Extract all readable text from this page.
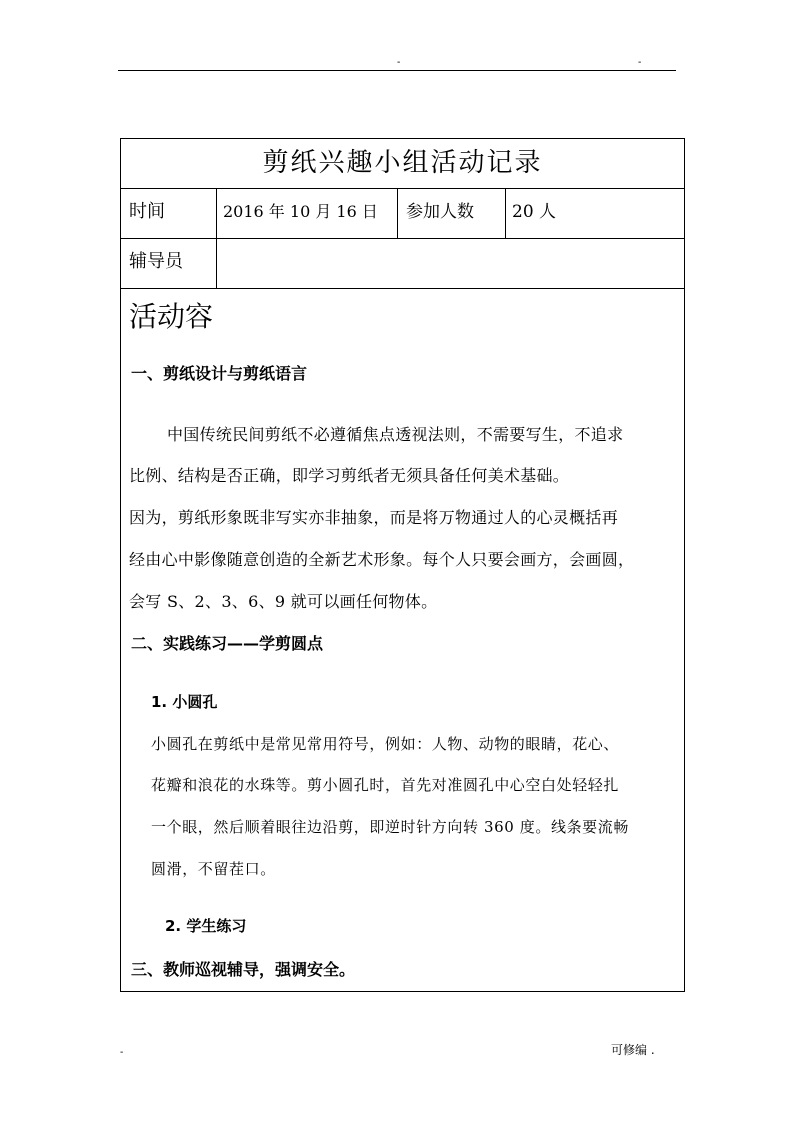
-	-
剪纸兴趣小组活动记录
时间	2016 年 10 月 16 日	参加人数	20 人
辅导员
活动容
一、剪纸设计与剪纸语言
中国传统民间剪纸不必遵循焦点透视法则，不需要写生，不追求
比例、结构是否正确，即学习剪纸者无须具备任何美术基础。
因为，剪纸形象既非写实亦非抽象，而是将万物通过人的心灵概括再
经由心中影像随意创造的全新艺术形象。每个人只要会画方，会画圆，
会写 S、2、3、6、9 就可以画任何物体。
二、实践练习——学剪圆点
1. 小圆孔
小圆孔在剪纸中是常见常用符号，例如：人物、动物的眼睛，花心、
花瓣和浪花的水珠等。剪小圆孔时，首先对准圆孔中心空白处轻轻扎
一个眼，然后顺着眼往边沿剪，即逆时针方向转 360 度。线条要流畅
圆滑，不留茬口。
2. 学生练习
三、教师巡视辅导，强调安全。
-	可修编 .
